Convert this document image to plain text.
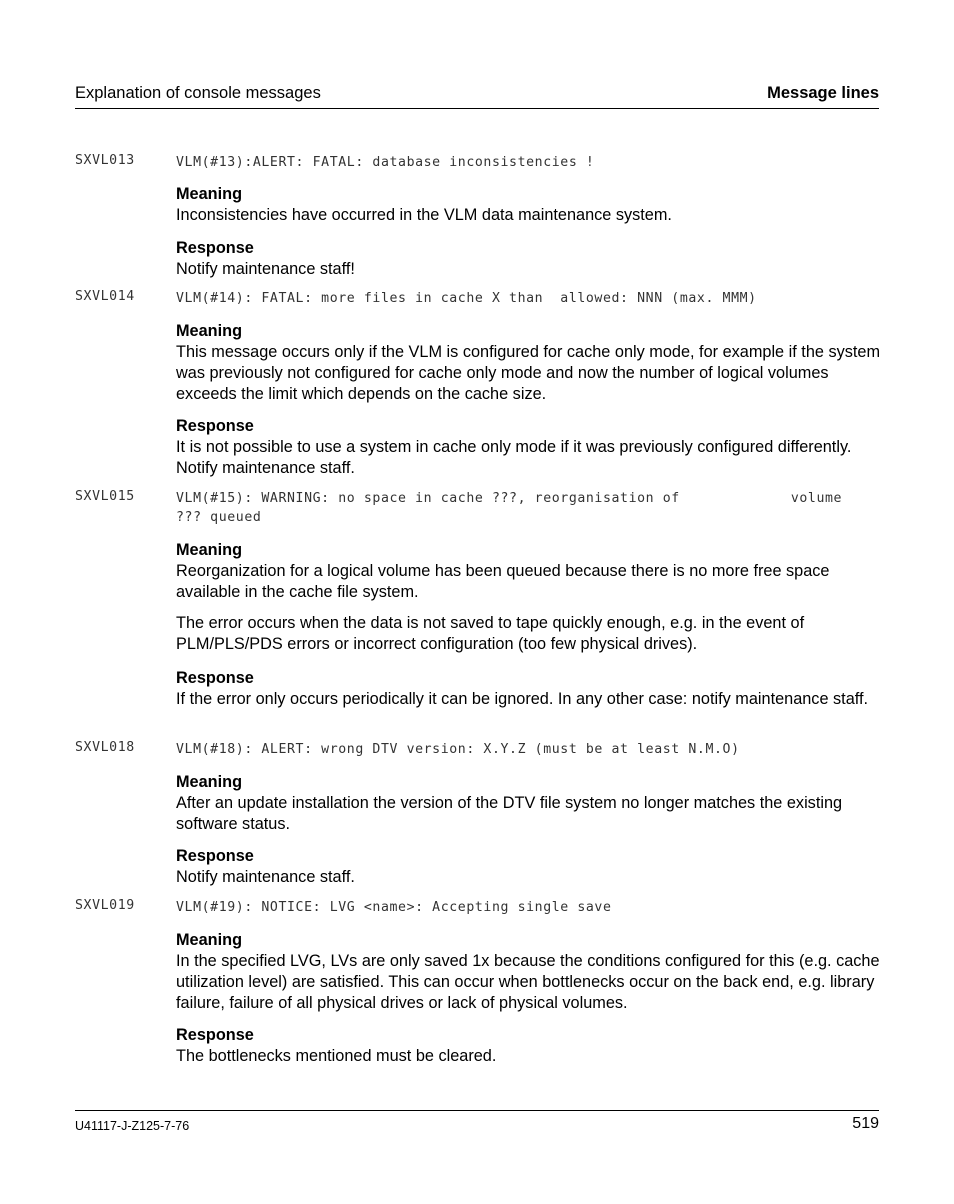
Explanation of console messages	Message lines
SXVL013	VLM(#13):ALERT: FATAL: database inconsistencies !
Meaning
Inconsistencies have occurred in the VLM data maintenance system.
Response
Notify maintenance staff!
SXVL014	VLM(#14): FATAL: more files in cache X than  allowed: NNN (max. MMM)
Meaning
This message occurs only if the VLM is configured for cache only mode, for example if the system was previously not configured for cache only mode and now the number of logical volumes exceeds the limit which depends on the cache size.
Response
It is not possible to use a system in cache only mode if it was previously configured differently. Notify maintenance staff.
SXVL015	VLM(#15): WARNING: no space in cache ???, reorganisation of             volume
??? queued
Meaning
Reorganization for a logical volume has been queued because there is no more free space available in the cache file system.
The error occurs when the data is not saved to tape quickly enough, e.g. in the event of PLM/PLS/PDS errors or incorrect configuration (too few physical drives).
Response
If the error only occurs periodically it can be ignored. In any other case: notify maintenance staff.
SXVL018	VLM(#18): ALERT: wrong DTV version: X.Y.Z (must be at least N.M.O)
Meaning
After an update installation the version of the DTV file system no longer matches the existing software status.
Response
Notify maintenance staff.
SXVL019	VLM(#19): NOTICE: LVG <name>: Accepting single save
Meaning
In the specified LVG, LVs are only saved 1x because the conditions configured for this (e.g. cache utilization level) are satisfied. This can occur when bottlenecks occur on the back end, e.g. library failure, failure of all physical drives or lack of physical volumes.
Response
The bottlenecks mentioned must be cleared.
U41117-J-Z125-7-76	519
